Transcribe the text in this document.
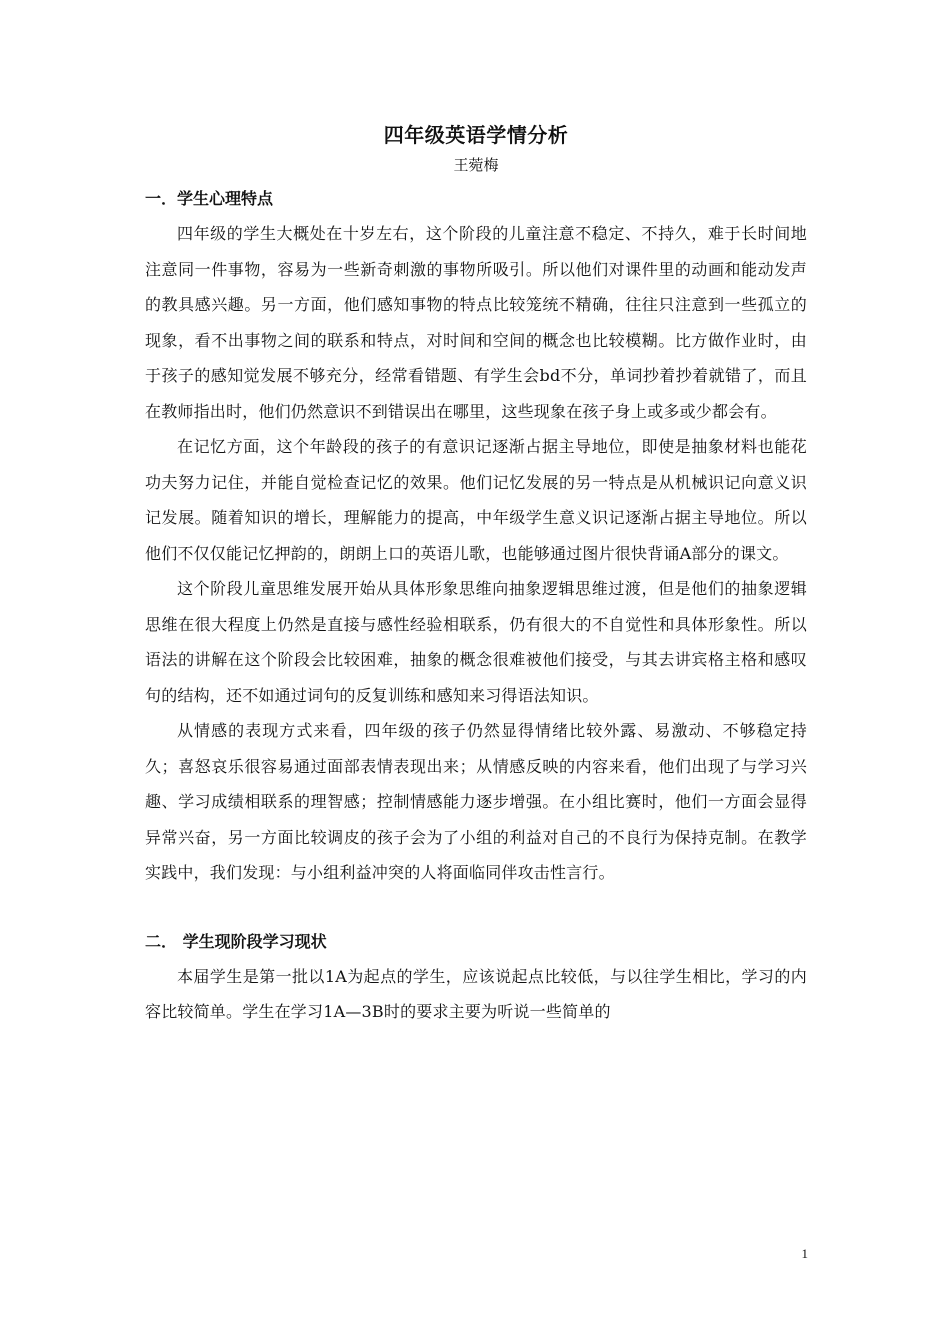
四年级英语学情分析

王菀梅

一．学生心理特点

四年级的学生大概处在十岁左右，这个阶段的儿童注意不稳定、不持久，难于长时间地注意同一件事物，容易为一些新奇刺激的事物所吸引。所以他们对课件里的动画和能动发声的教具感兴趣。另一方面，他们感知事物的特点比较笼统不精确，往往只注意到一些孤立的现象，看不出事物之间的联系和特点，对时间和空间的概念也比较模糊。比方做作业时，由于孩子的感知觉发展不够充分，经常看错题、有学生会bd不分，单词抄着抄着就错了，而且在教师指出时，他们仍然意识不到错误出在哪里，这些现象在孩子身上或多或少都会有。

在记忆方面，这个年龄段的孩子的有意识记逐渐占据主导地位，即使是抽象材料也能花功夫努力记住，并能自觉检查记忆的效果。他们记忆发展的另一特点是从机械识记向意义识记发展。随着知识的增长，理解能力的提高，中年级学生意义识记逐渐占据主导地位。所以他们不仅仅能记忆押韵的，朗朗上口的英语儿歌，也能够通过图片很快背诵A部分的课文。

这个阶段儿童思维发展开始从具体形象思维向抽象逻辑思维过渡，但是他们的抽象逻辑思维在很大程度上仍然是直接与感性经验相联系，仍有很大的不自觉性和具体形象性。所以语法的讲解在这个阶段会比较困难，抽象的概念很难被他们接受，与其去讲宾格主格和感叹句的结构，还不如通过词句的反复训练和感知来习得语法知识。

从情感的表现方式来看，四年级的孩子仍然显得情绪比较外露、易激动、不够稳定持久；喜怒哀乐很容易通过面部表情表现出来；从情感反映的内容来看，他们出现了与学习兴趣、学习成绩相联系的理智感；控制情感能力逐步增强。在小组比赛时，他们一方面会显得异常兴奋，另一方面比较调皮的孩子会为了小组的利益对自己的不良行为保持克制。在教学实践中，我们发现：与小组利益冲突的人将面临同伴攻击性言行。

二． 学生现阶段学习现状

本届学生是第一批以1A为起点的学生，应该说起点比较低，与以往学生相比，学习的内容比较简单。学生在学习1A—3B时的要求主要为听说一些简单的

1
